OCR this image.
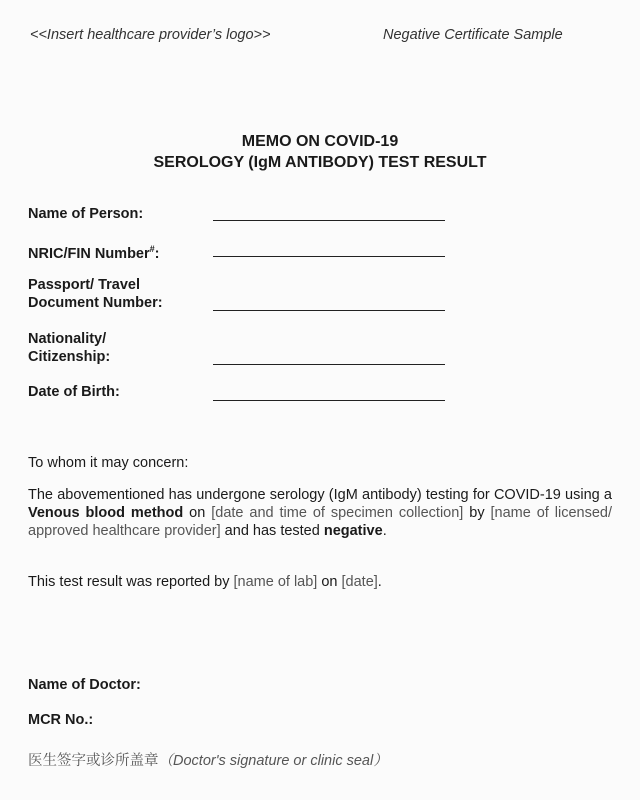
<<Insert healthcare provider’s logo>>	Negative Certificate Sample
MEMO ON COVID-19
SEROLOGY (IgM ANTIBODY) TEST RESULT
Name of Person:
NRIC/FIN Number#:
Passport/ Travel
Document Number:
Nationality/
Citizenship:
Date of Birth:
To whom it may concern:
The abovementioned has undergone serology (IgM antibody) testing for COVID-19 using a Venous blood method on [date and time of specimen collection] by [name of licensed/ approved healthcare provider] and has tested negative.
This test result was reported by [name of lab] on [date].
Name of Doctor:
MCR No.:
医生签字或诊所盖章（Doctor's signature or clinic seal）
